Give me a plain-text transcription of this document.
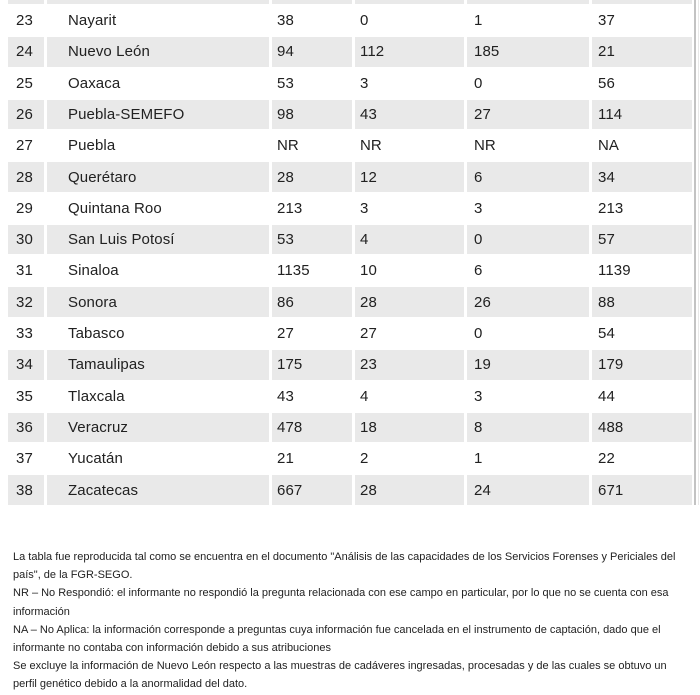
23	Nayarit	38	0	1	37
24	Nuevo León	94	112	185	21
25	Oaxaca	53	3	0	56
26	Puebla-SEMEFO	98	43	27	114
27	Puebla	NR	NR	NR	NA
28	Querétaro	28	12	6	34
29	Quintana Roo	213	3	3	213
30	San Luis Potosí	53	4	0	57
31	Sinaloa	1135	10	6	1139
32	Sonora	86	28	26	88
33	Tabasco	27	27	0	54
34	Tamaulipas	175	23	19	179
35	Tlaxcala	43	4	3	44
36	Veracruz	478	18	8	488
37	Yucatán	21	2	1	22
38	Zacatecas	667	28	24	671

La tabla fue reproducida tal como se encuentra en el documento "Análisis de las capacidades de los Servicios Forenses y Periciales del país", de la FGR-SEGO.

NR – No Respondió: el informante no respondió la pregunta relacionada con ese campo en particular, por lo que no se cuenta con esa información

NA – No Aplica: la información corresponde a preguntas cuya información fue cancelada en el instrumento de captación, dado que el informante no contaba con información debido a sus atribuciones

Se excluye la información de Nuevo León respecto a las muestras de cadáveres ingresadas, procesadas y de las cuales se obtuvo un perfil genético debido a la anormalidad del dato.
